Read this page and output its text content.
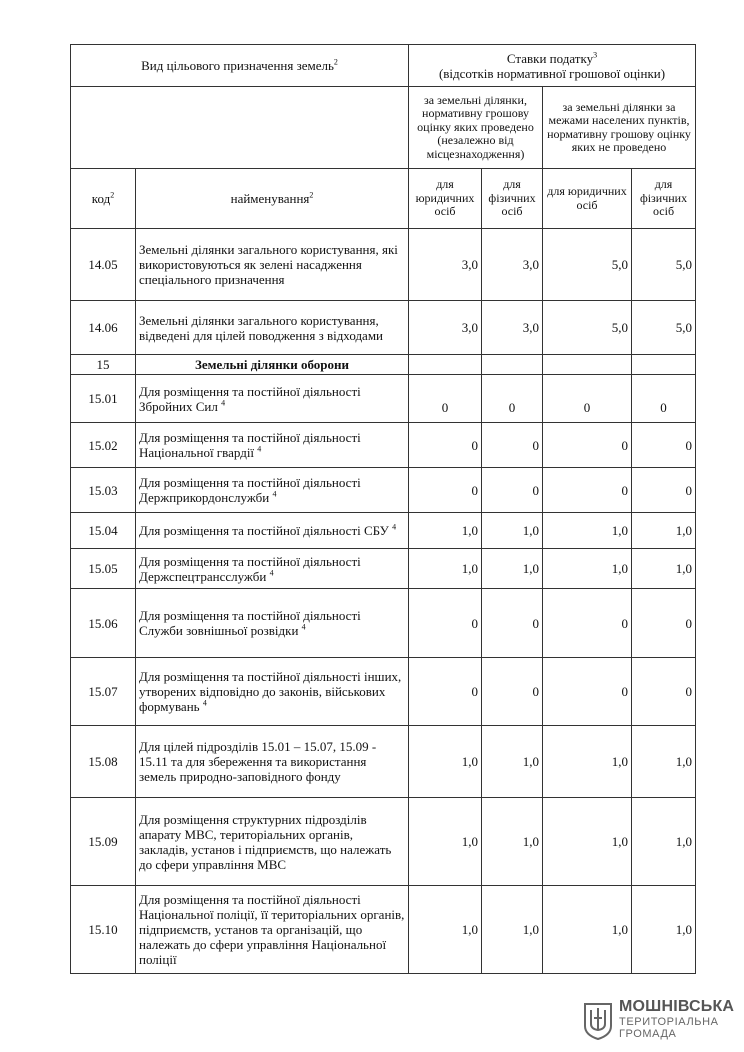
Вид цільового призначення земель$^2$		Ставки податку$^3$
(відсотків нормативної грошової оцінки)			
		за земельні ділянки, нормативну грошову оцінку яких проведено (незалежно від місцезнаходження)		за земельні ділянки за межами населених пунктів, нормативну грошову оцінку яких не проведено	
код$^2$	найменування$^2$	для юридичних осіб	для фізичних осіб	для юридичних осіб	для фізичних осіб
14.05	Земельні ділянки загального користування, які використовуються як зелені насадження спеціального призначення	3,0	3,0	5,0	5,0
14.06	Земельні ділянки загального користування, відведені для цілей поводження з відходами	3,0	3,0	5,0	5,0
15	Земельні ділянки оборони				
15.01	Для розміщення та постійної діяльності Збройних Сил $^4$	0	0	0	0
15.02	Для розміщення та постійної діяльності Національної гвардії $^4$	0	0	0	0
15.03	Для розміщення та постійної діяльності Держприкордонслужби $^4$	0	0	0	0
15.04	Для розміщення та постійної діяльності СБУ $^4$	1,0	1,0	1,0	1,0
15.05	Для розміщення та постійної діяльності Держспецтрансслужби $^4$	1,0	1,0	1,0	1,0
15.06	Для розміщення та постійної діяльності Служби зовнішньої розвідки $^4$	0	0	0	0
15.07	Для розміщення та постійної діяльності інших, утворених відповідно до законів, військових формувань $^4$	0	0	0	0
15.08	Для цілей підрозділів 15.01 – 15.07, 15.09 - 15.11 та для збереження та використання земель природно-заповідного фонду	1,0	1,0	1,0	1,0
15.09	Для розміщення структурних підрозділів апарату МВС, територіальних органів, закладів, установ і підприємств, що належать до сфери управління МВС	1,0	1,0	1,0	1,0
15.10	Для розміщення та постійної діяльності Національної поліції, її територіальних органів, підприємств, установ та організацій, що належать до сфери управління Національної поліції	1,0	1,0	1,0	1,0
МОШНІВСЬКА
ТЕРИТОРІАЛЬНА
ГРОМАДА
